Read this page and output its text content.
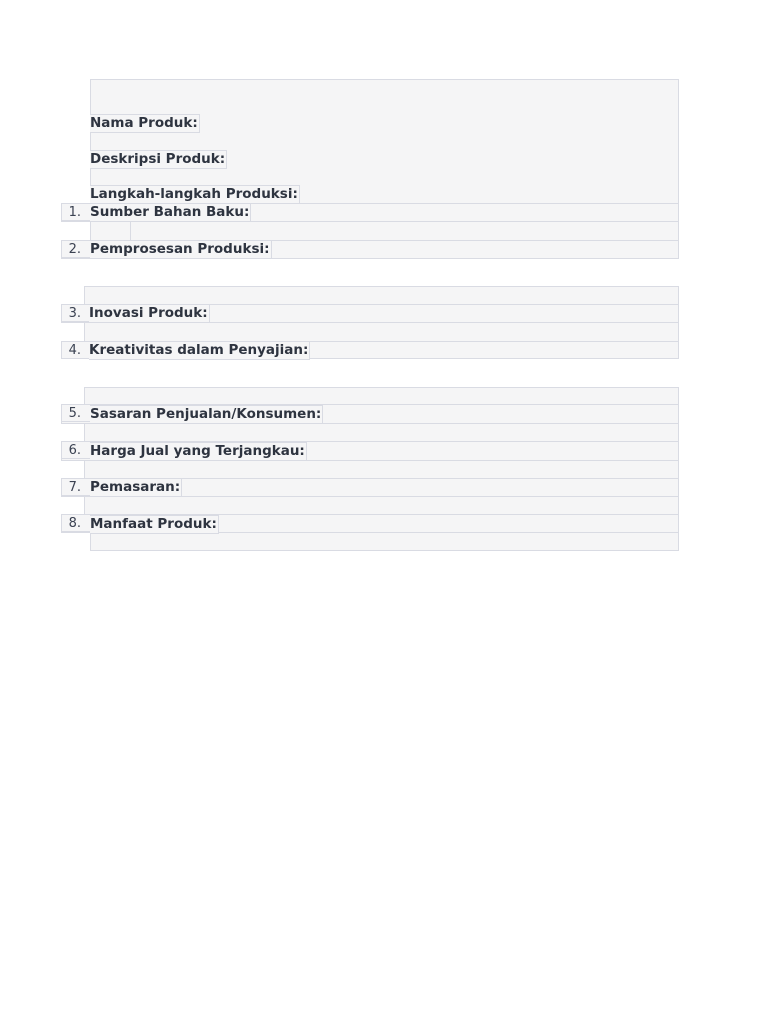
Nama Produk:
Deskripsi Produk:
Langkah-langkah Produksi:
1. Sumber Bahan Baku:
2. Pemprosesan Produksi:
3. Inovasi Produk:
4. Kreativitas dalam Penyajian:
5. Sasaran Penjualan/Konsumen:
6. Harga Jual yang Terjangkau:
7. Pemasaran:
8. Manfaat Produk:
